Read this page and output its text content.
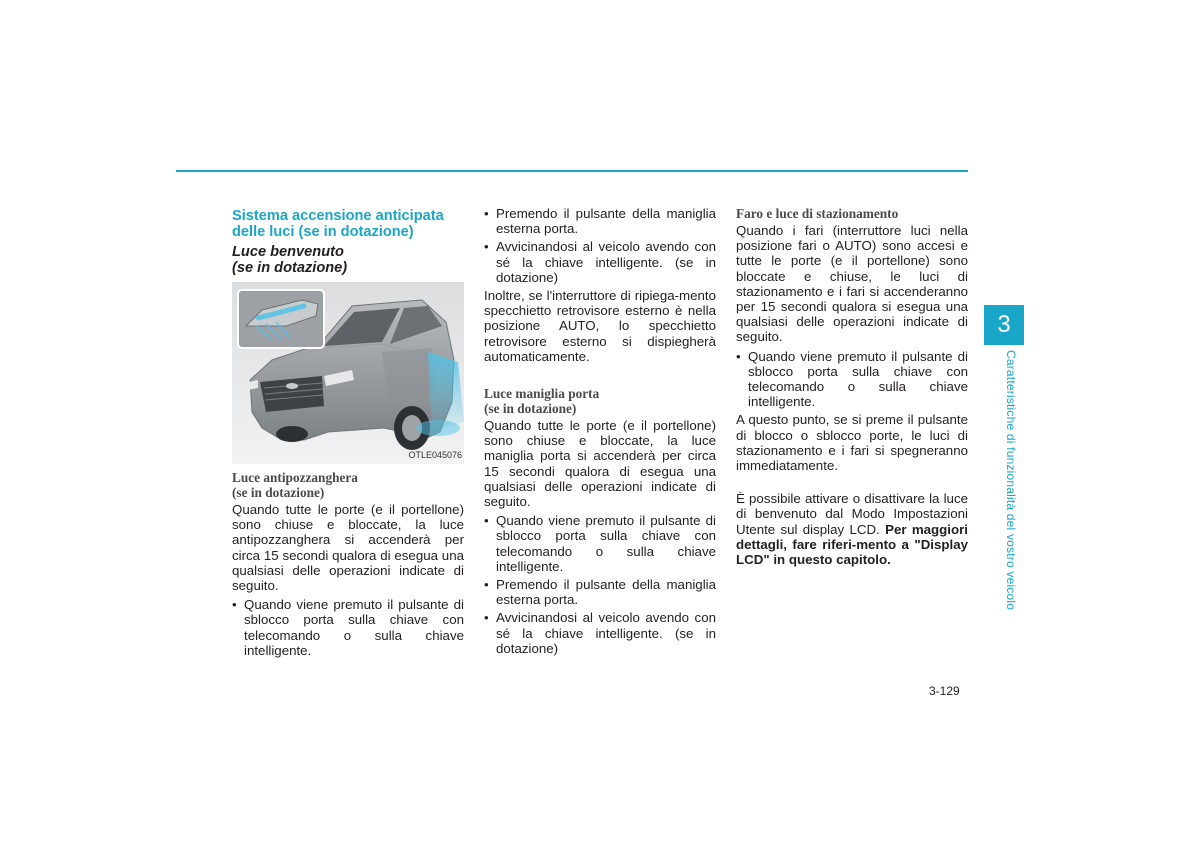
Sistema accensione anticipata delle luci (se in dotazione)
Luce benvenuto
(se in dotazione)
OTLE045076
Luce antipozzanghera
(se in dotazione)
Quando tutte le porte (e il portellone) sono chiuse e bloccate, la luce antipozzanghera si accenderà per circa 15 secondi qualora di esegua una qualsiasi delle operazioni indicate di seguito.
• Quando viene premuto il pulsante di sblocco porta sulla chiave con telecomando o sulla chiave intelligente.
• Premendo il pulsante della maniglia esterna porta.
• Avvicinandosi al veicolo avendo con sé la chiave intelligente. (se in dotazione)
Inoltre, se l'interruttore di ripiega-mento specchietto retrovisore esterno è nella posizione AUTO, lo specchietto retrovisore esterno si dispiegherà automaticamente.
Luce maniglia porta
(se in dotazione)
Quando tutte le porte (e il portellone) sono chiuse e bloccate, la luce maniglia porta si accenderà per circa 15 secondi qualora di esegua una qualsiasi delle operazioni indicate di seguito.
• Quando viene premuto il pulsante di sblocco porta sulla chiave con telecomando o sulla chiave intelligente.
• Premendo il pulsante della maniglia esterna porta.
• Avvicinandosi al veicolo avendo con sé la chiave intelligente. (se in dotazione)
Faro e luce di stazionamento
Quando i fari (interruttore luci nella posizione fari o AUTO) sono accesi e tutte le porte (e il portellone) sono bloccate e chiuse, le luci di stazionamento e i fari si accenderanno per 15 secondi qualora si esegua una qualsiasi delle operazioni indicate di seguito.
• Quando viene premuto il pulsante di sblocco porta sulla chiave con telecomando o sulla chiave intelligente.
A questo punto, se si preme il pulsante di blocco o sblocco porte, le luci di stazionamento e i fari si spegneranno immediatamente.
È possibile attivare o disattivare la luce di benvenuto dal Modo Impostazioni Utente sul display LCD. Per maggiori dettagli, fare riferi-mento a "Display LCD" in questo capitolo.
3
Caratteristiche di funzionalità del vostro veicolo
3-129
